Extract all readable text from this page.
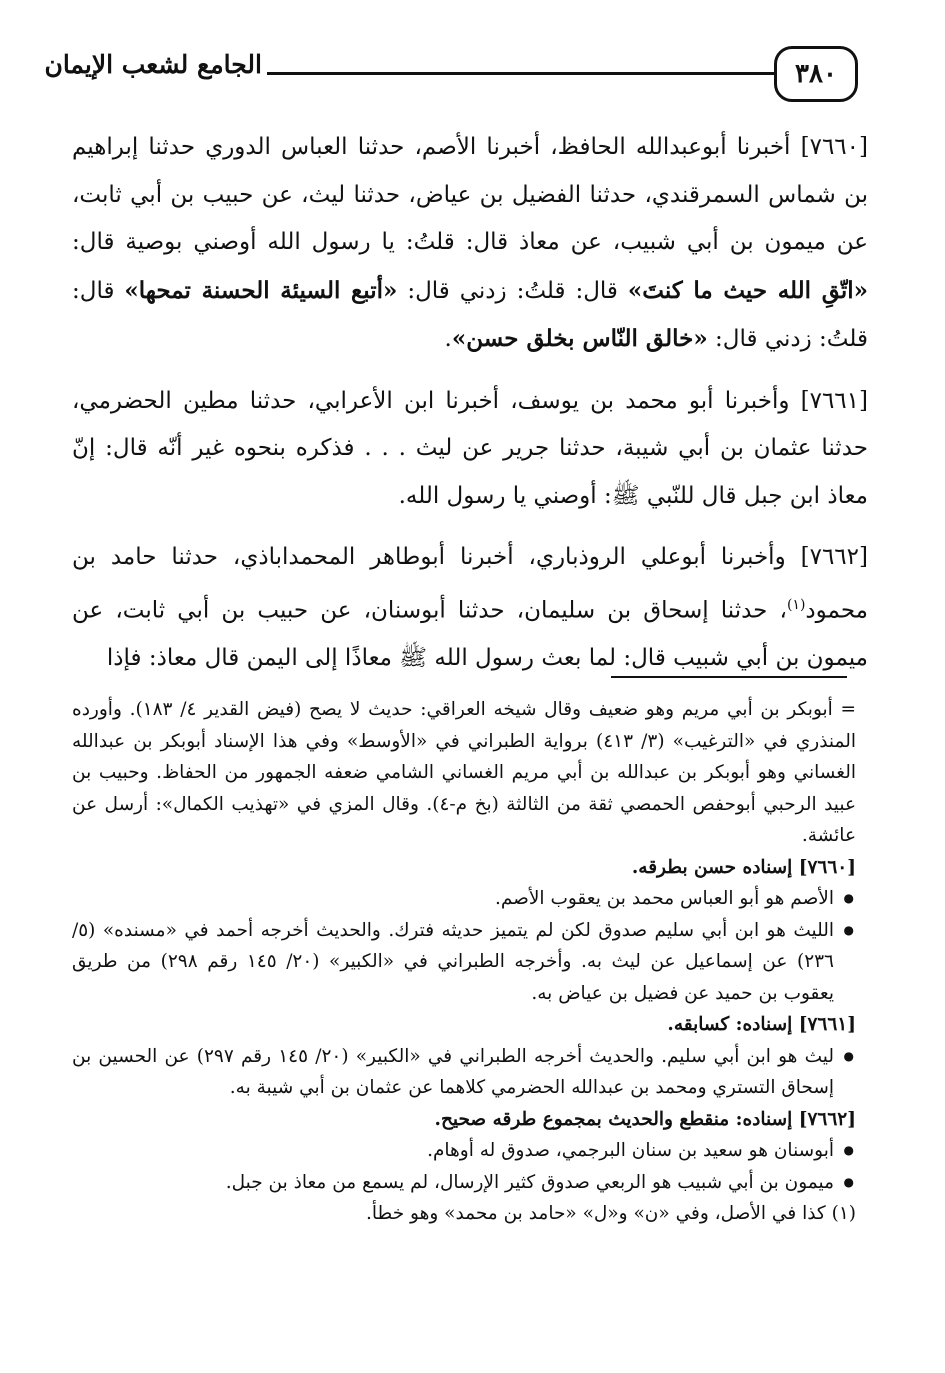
٣٨٠
الجامع لشعب الإيمان

[٧٦٦٠] أخبرنا أبوعبدالله الحافظ، أخبرنا الأصم، حدثنا العباس الدوري حدثنا إبراهيم بن شماس السمرقندي، حدثنا الفضيل بن عياض، حدثنا ليث، عن حبيب بن أبي ثابت، عن ميمون بن أبي شبيب، عن معاذ قال: قلتُ: يا رسول الله أوصني بوصية قال: «اتّقِ الله حيث ما كنتَ» قال: قلتُ: زدني قال: «أتبع السيئة الحسنة تمحها» قال: قلتُ: زدني قال: «خالق النّاس بخلق حسن».

[٧٦٦١] وأخبرنا أبو محمد بن يوسف، أخبرنا ابن الأعرابي، حدثنا مطين الحضرمي، حدثنا عثمان بن أبي شيبة، حدثنا جرير عن ليث . . . فذكره بنحوه غير أنّه قال: إنّ معاذ ابن جبل قال للنّبي ﷺ: أوصني يا رسول الله.

[٧٦٦٢] وأخبرنا أبوعلي الروذباري، أخبرنا أبوطاهر المحمداباذي، حدثنا حامد بن محمود$^{(١)}$، حدثنا إسحاق بن سليمان، حدثنا أبوسنان، عن حبيب بن أبي ثابت، عن ميمون بن أبي شبيب قال: لما بعث رسول الله ﷺ معاذًا إلى اليمن قال معاذ: فإذا

= أبوبكر بن أبي مريم وهو ضعيف وقال شيخه العراقي: حديث لا يصح (فيض القدير ٤/ ١٨٣). وأورده المنذري في «الترغيب» (٣/ ٤١٣) برواية الطبراني في «الأوسط» وفي هذا الإسناد أبوبكر بن عبدالله الغساني وهو أبوبكر بن عبدالله بن أبي مريم الغساني الشامي ضعفه الجمهور من الحفاظ. وحبيب بن عبيد الرحبي أبوحفص الحمصي ثقة من الثالثة (بخ م-٤). وقال المزي في «تهذيب الكمال»: أرسل عن عائشة.

[٧٦٦٠] إسناده حسن بطرقه.

● الأصم هو أبو العباس محمد بن يعقوب الأصم.

● الليث هو ابن أبي سليم صدوق لكن لم يتميز حديثه فترك. والحديث أخرجه أحمد في «مسنده» (٥/ ٢٣٦) عن إسماعيل عن ليث به. وأخرجه الطبراني في «الكبير» (٢٠/ ١٤٥ رقم ٢٩٨) من طريق يعقوب بن حميد عن فضيل بن عياض به.

[٧٦٦١] إسناده: كسابقه.

● ليث هو ابن أبي سليم. والحديث أخرجه الطبراني في «الكبير» (٢٠/ ١٤٥ رقم ٢٩٧) عن الحسين بن إسحاق التستري ومحمد بن عبدالله الحضرمي كلاهما عن عثمان بن أبي شيبة به.

[٧٦٦٢] إسناده: منقطع والحديث بمجموع طرقه صحيح.

● أبوسنان هو سعيد بن سنان البرجمي، صدوق له أوهام.

● ميمون بن أبي شبيب هو الربعي صدوق كثير الإرسال، لم يسمع من معاذ بن جبل.

(١) كذا في الأصل، وفي «ن» و«ل» «حامد بن محمد» وهو خطأ.
